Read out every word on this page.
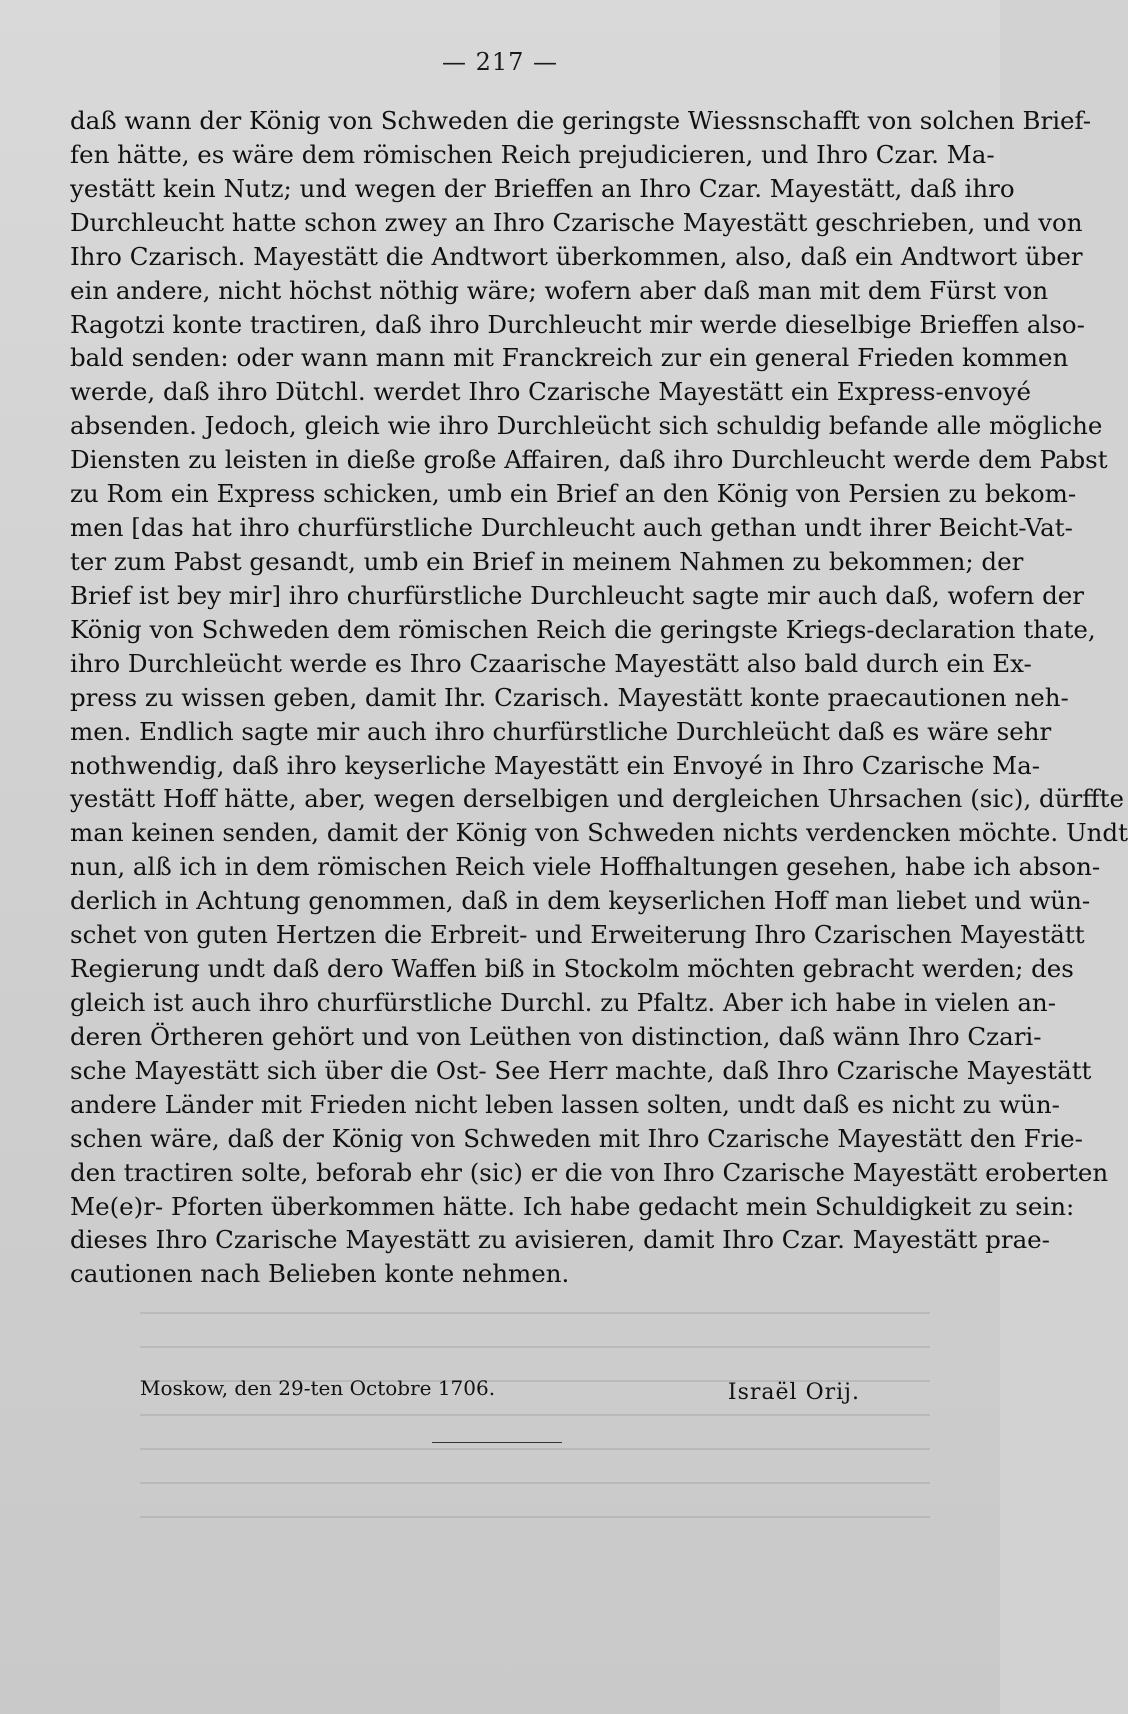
— 217 —
daß wann der König von Schweden die geringste Wiessnschafft von solchen Brief-
fen hätte, es wäre dem römischen Reich prejudicieren, und Ihro Czar. Ma-
yestätt kein Nutz; und wegen der Brieffen an Ihro Czar. Mayestätt, daß ihro
Durchleucht hatte schon zwey an Ihro Czarische Mayestätt geschrieben, und von
Ihro Czarisch. Mayestätt die Andtwort überkommen, also, daß ein Andtwort über
ein andere, nicht höchst nöthig wäre; wofern aber daß man mit dem Fürst von
Ragotzi konte tractiren, daß ihro Durchleucht mir werde dieselbige Brieffen also-
bald senden: oder wann mann mit Franckreich zur ein general Frieden kommen
werde, daß ihro Dütchl. werdet Ihro Czarische Mayestätt ein Express-envoyé
absenden. Jedoch, gleich wie ihro Durchleücht sich schuldig befande alle mögliche
Diensten zu leisten in dieße große Affairen, daß ihro Durchleucht werde dem Pabst
zu Rom ein Express schicken, umb ein Brief an den König von Persien zu bekom-
men [das hat ihro churfürstliche Durchleucht auch gethan undt ihrer Beicht-Vat-
ter zum Pabst gesandt, umb ein Brief in meinem Nahmen zu bekommen; der
Brief ist bey mir] ihro churfürstliche Durchleucht sagte mir auch daß, wofern der
König von Schweden dem römischen Reich die geringste Kriegs-declaration thate,
ihro Durchleücht werde es Ihro Czaarische Mayestätt also bald durch ein Ex-
press zu wissen geben, damit Ihr. Czarisch. Mayestätt konte praecautionen neh-
men. Endlich sagte mir auch ihro churfürstliche Durchleücht daß es wäre sehr
nothwendig, daß ihro keyserliche Mayestätt ein Envoyé in Ihro Czarische Ma-
yestätt Hoff hätte, aber, wegen derselbigen und dergleichen Uhrsachen (sic), dürffte
man keinen senden, damit der König von Schweden nichts verdencken möchte. Undt
nun, alß ich in dem römischen Reich viele Hoffhaltungen gesehen, habe ich abson-
derlich in Achtung genommen, daß in dem keyserlichen Hoff man liebet und wün-
schet von guten Hertzen die Erbreit- und Erweiterung Ihro Czarischen Mayestätt
Regierung undt daß dero Waffen biß in Stockolm möchten gebracht werden; des
gleich ist auch ihro churfürstliche Durchl. zu Pfaltz. Aber ich habe in vielen an-
deren Örtheren gehört und von Leüthen von distinction, daß wänn Ihro Czari-
sche Mayestätt sich über die Ost- See Herr machte, daß Ihro Czarische Mayestätt
andere Länder mit Frieden nicht leben lassen solten, undt daß es nicht zu wün-
schen wäre, daß der König von Schweden mit Ihro Czarische Mayestätt den Frie-
den tractiren solte, beforab ehr (sic) er die von Ihro Czarische Mayestätt eroberten
Me(e)r- Pforten überkommen hätte. Ich habe gedacht mein Schuldigkeit zu sein:
dieses Ihro Czarische Mayestätt zu avisieren, damit Ihro Czar. Mayestätt prae-
cautionen nach Belieben konte nehmen.
Moskow, den 29-ten Octobre 1706.	Israël Orij.
